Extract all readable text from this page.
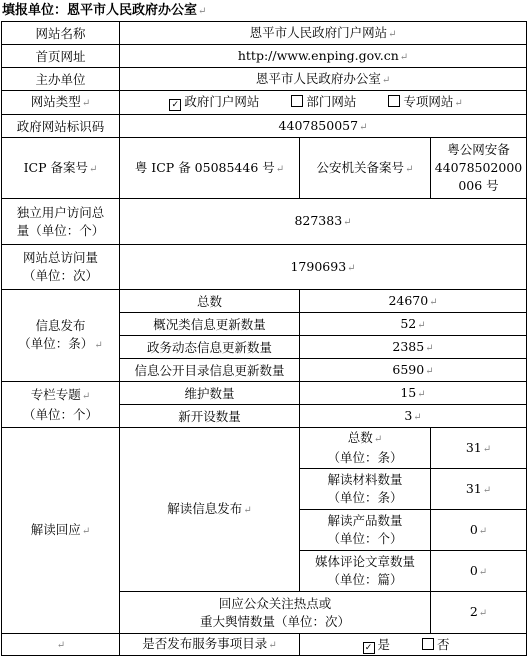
填报单位：恩平市人民政府办公室↵
网站名称	恩平市人民政府门户网站↵		
首页网址	http://www.enping.gov.cn↵		
主办单位	恩平市人民政府办公室↵		
网站类型↵	✓ 政府门户网站 部门网站 专项网站↵		
政府网站标识码	4407850057↵		
ICP 备案号↵	粤 ICP 备 05085446 号↵	公安机关备案号↵	粤公网安备
44078502000
006 号

独立用户访问总
量（单位：个）	827383↵		

网站总访问量
（单位：次）	1790693↵		

信息发布
（单位：条）↵	总数	24670↵	
	概况类信息更新数量	52↵	
	政务动态信息更新数量	2385↵	
	信息公开目录信息更新数量	6590↵	

专栏专题↵
（单位：个）	维护数量	15↵	
	新开设数量	3↵	
解读回应↵	解读信息发布↵	总数↵
（单位：条）	31↵

		解读材料数量
（单位：条）	31↵

		解读产品数量
（单位：个）	0↵

		媒体评论文章数量
（单位：篇）	0↵

	回应公众关注热点或
重大舆情数量（单位：次）		2↵
↵	是否发布服务事项目录↵	✓ 是 否	
